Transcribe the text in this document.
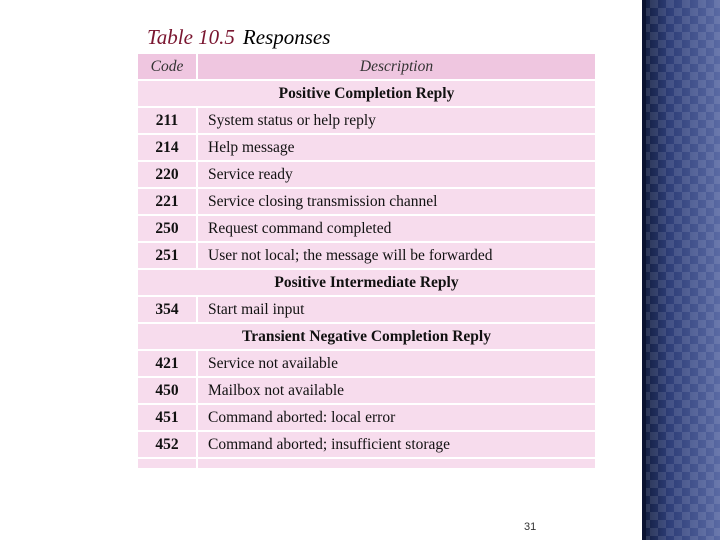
Table 10.5 Responses
Code	Description
Positive Completion Reply	
211	System status or help reply
214	Help message
220	Service ready
221	Service closing transmission channel
250	Request command completed
251	User not local; the message will be forwarded
Positive Intermediate Reply	
354	Start mail input
Transient Negative Completion Reply	
421	Service not available
450	Mailbox not available
451	Command aborted: local error
452	Command aborted; insufficient storage

31
